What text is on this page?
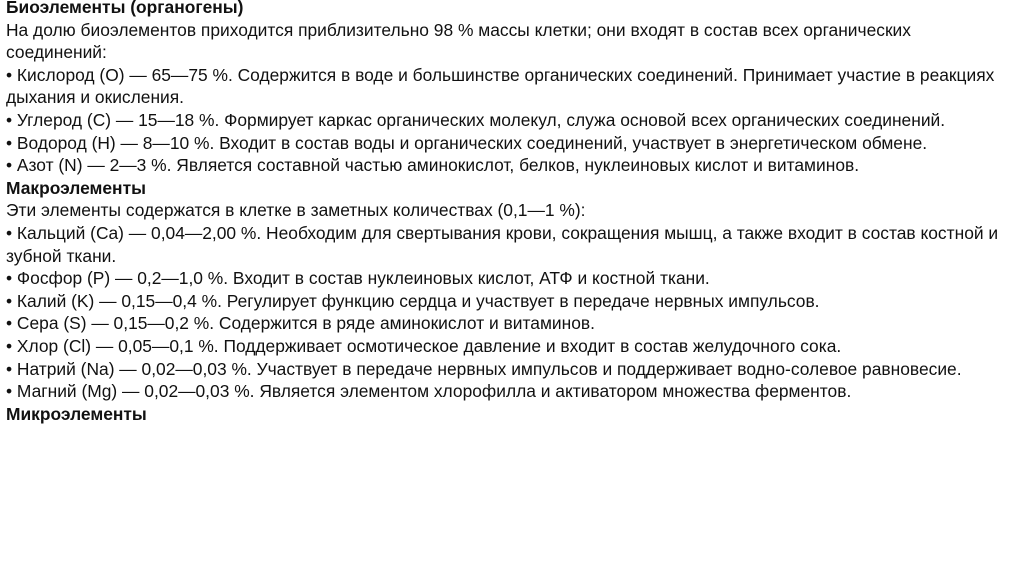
Биоэлементы (органогены)

На долю биоэлементов приходится приблизительно 98 % массы клетки; они входят в состав всех органических соединений:

• Кислород (O) — 65—75 %. Содержится в воде и большинстве органических соединений. Принимает участие в реакциях дыхания и окисления.

• Углерод (C) — 15—18 %. Формирует каркас органических молекул, служа основой всех органических соединений.

• Водород (H) — 8—10 %. Входит в состав воды и органических соединений, участвует в энергетическом обмене.

• Азот (N) — 2—3 %. Является составной частью аминокислот, белков, нуклеиновых кислот и витаминов.

Макроэлементы

Эти элементы содержатся в клетке в заметных количествах (0,1—1 %):

• Кальций (Ca) — 0,04—2,00 %. Необходим для свертывания крови, сокращения мышц, а также входит в состав костной и зубной ткани.

• Фосфор (P) — 0,2—1,0 %. Входит в состав нуклеиновых кислот, АТФ и костной ткани.

• Калий (K) — 0,15—0,4 %. Регулирует функцию сердца и участвует в передаче нервных импульсов.

• Сера (S) — 0,15—0,2 %. Содержится в ряде аминокислот и витаминов.

• Хлор (Cl) — 0,05—0,1 %. Поддерживает осмотическое давление и входит в состав желудочного сока.

• Натрий (Na) — 0,02—0,03 %. Участвует в передаче нервных импульсов и поддерживает водно-солевое равновесие.

• Магний (Mg) — 0,02—0,03 %. Является элементом хлорофилла и активатором множества ферментов.

Микроэлементы
